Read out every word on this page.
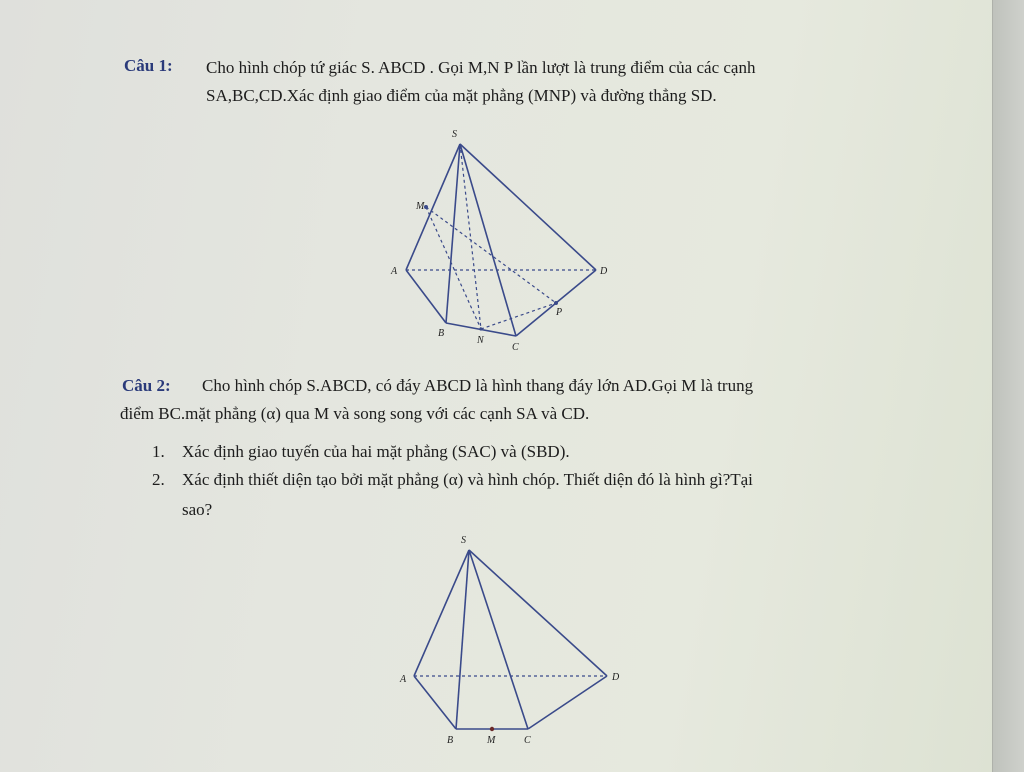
Câu 1: Cho hình chóp tứ giác S. ABCD . Gọi M,N P lần lượt là trung điểm của các cạnh
SA,BC,CD.Xác định giao điểm của mặt phẳng (MNP) và đường thẳng SD.
Câu 2: Cho hình chóp S.ABCD, có đáy ABCD là hình thang đáy lớn AD.Gọi M là trung
điểm BC.mặt phẳng (α) qua M và song song với các cạnh SA và CD.
1. Xác định giao tuyến của hai mặt phẳng (SAC) và (SBD).
2. Xác định thiết diện tạo bởi mặt phẳng (α) và hình chóp. Thiết diện đó là hình gì?Tại
sao?
S
M
A	D
P
B
N
C
S
A	D
B	M	C
